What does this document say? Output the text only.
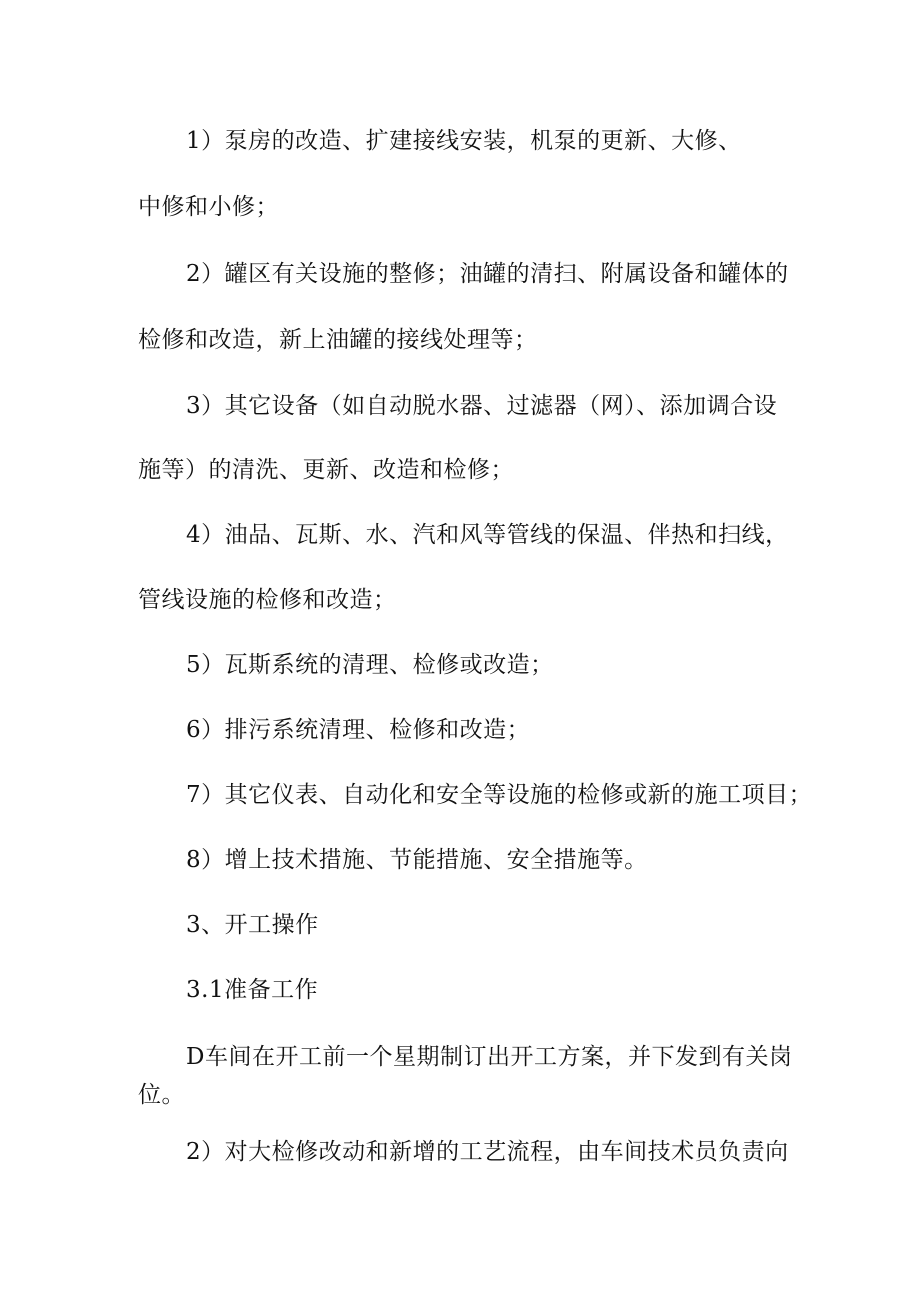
1）泵房的改造、扩建接线安装，机泵的更新、大修、
中修和小修；
2）罐区有关设施的整修；油罐的清扫、附属设备和罐体的
检修和改造，新上油罐的接线处理等；
3）其它设备（如自动脱水器、过滤器（网）、添加调合设
施等）的清洗、更新、改造和检修；
4）油品、瓦斯、水、汽和风等管线的保温、伴热和扫线，
管线设施的检修和改造；
5）瓦斯系统的清理、检修或改造；
6）排污系统清理、检修和改造；
7）其它仪表、自动化和安全等设施的检修或新的施工项目；
8）增上技术措施、节能措施、安全措施等。
3、开工操作
3.1准备工作
D车间在开工前一个星期制订出开工方案，并下发到有关岗
位。
2）对大检修改动和新增的工艺流程，由车间技术员负责向
